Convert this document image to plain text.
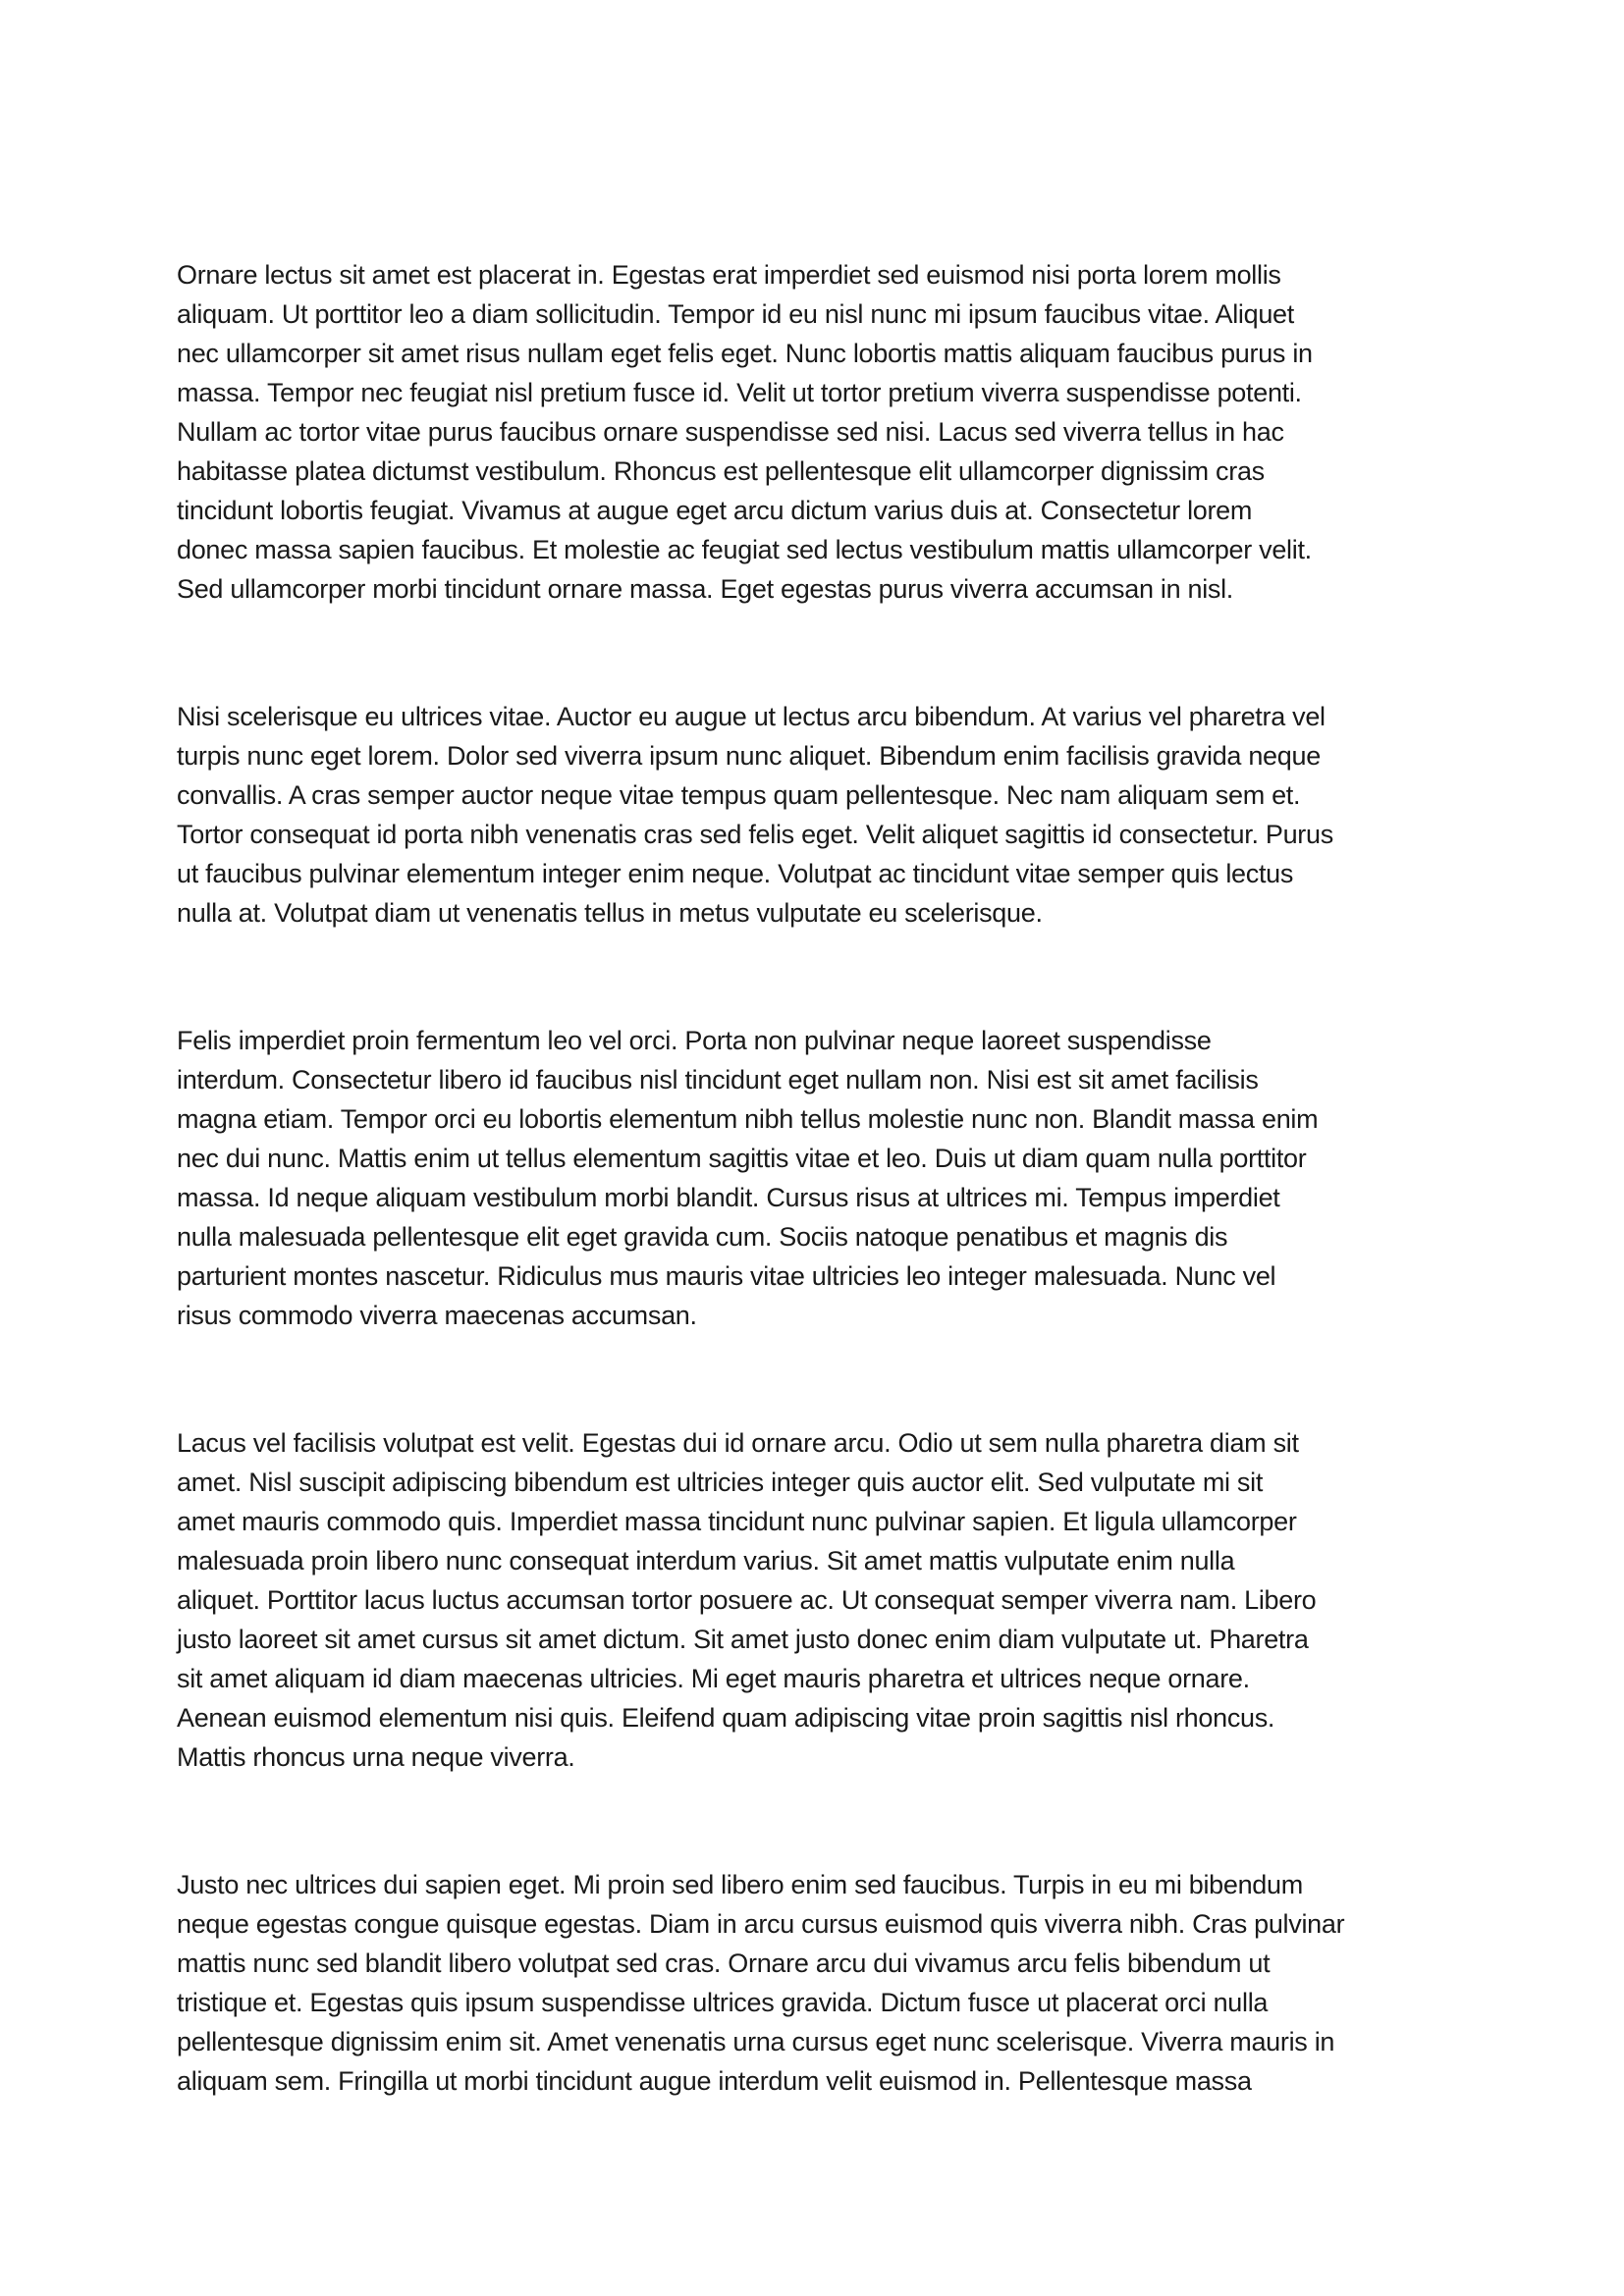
Ornare lectus sit amet est placerat in. Egestas erat imperdiet sed euismod nisi porta lorem mollis
aliquam. Ut porttitor leo a diam sollicitudin. Tempor id eu nisl nunc mi ipsum faucibus vitae. Aliquet
nec ullamcorper sit amet risus nullam eget felis eget. Nunc lobortis mattis aliquam faucibus purus in
massa. Tempor nec feugiat nisl pretium fusce id. Velit ut tortor pretium viverra suspendisse potenti.
Nullam ac tortor vitae purus faucibus ornare suspendisse sed nisi. Lacus sed viverra tellus in hac
habitasse platea dictumst vestibulum. Rhoncus est pellentesque elit ullamcorper dignissim cras
tincidunt lobortis feugiat. Vivamus at augue eget arcu dictum varius duis at. Consectetur lorem
donec massa sapien faucibus. Et molestie ac feugiat sed lectus vestibulum mattis ullamcorper velit.
Sed ullamcorper morbi tincidunt ornare massa. Eget egestas purus viverra accumsan in nisl.

Nisi scelerisque eu ultrices vitae. Auctor eu augue ut lectus arcu bibendum. At varius vel pharetra vel
turpis nunc eget lorem. Dolor sed viverra ipsum nunc aliquet. Bibendum enim facilisis gravida neque
convallis. A cras semper auctor neque vitae tempus quam pellentesque. Nec nam aliquam sem et.
Tortor consequat id porta nibh venenatis cras sed felis eget. Velit aliquet sagittis id consectetur. Purus
ut faucibus pulvinar elementum integer enim neque. Volutpat ac tincidunt vitae semper quis lectus
nulla at. Volutpat diam ut venenatis tellus in metus vulputate eu scelerisque.

Felis imperdiet proin fermentum leo vel orci. Porta non pulvinar neque laoreet suspendisse
interdum. Consectetur libero id faucibus nisl tincidunt eget nullam non. Nisi est sit amet facilisis
magna etiam. Tempor orci eu lobortis elementum nibh tellus molestie nunc non. Blandit massa enim
nec dui nunc. Mattis enim ut tellus elementum sagittis vitae et leo. Duis ut diam quam nulla porttitor
massa. Id neque aliquam vestibulum morbi blandit. Cursus risus at ultrices mi. Tempus imperdiet
nulla malesuada pellentesque elit eget gravida cum. Sociis natoque penatibus et magnis dis
parturient montes nascetur. Ridiculus mus mauris vitae ultricies leo integer malesuada. Nunc vel
risus commodo viverra maecenas accumsan.

Lacus vel facilisis volutpat est velit. Egestas dui id ornare arcu. Odio ut sem nulla pharetra diam sit
amet. Nisl suscipit adipiscing bibendum est ultricies integer quis auctor elit. Sed vulputate mi sit
amet mauris commodo quis. Imperdiet massa tincidunt nunc pulvinar sapien. Et ligula ullamcorper
malesuada proin libero nunc consequat interdum varius. Sit amet mattis vulputate enim nulla
aliquet. Porttitor lacus luctus accumsan tortor posuere ac. Ut consequat semper viverra nam. Libero
justo laoreet sit amet cursus sit amet dictum. Sit amet justo donec enim diam vulputate ut. Pharetra
sit amet aliquam id diam maecenas ultricies. Mi eget mauris pharetra et ultrices neque ornare.
Aenean euismod elementum nisi quis. Eleifend quam adipiscing vitae proin sagittis nisl rhoncus.
Mattis rhoncus urna neque viverra.

Justo nec ultrices dui sapien eget. Mi proin sed libero enim sed faucibus. Turpis in eu mi bibendum
neque egestas congue quisque egestas. Diam in arcu cursus euismod quis viverra nibh. Cras pulvinar
mattis nunc sed blandit libero volutpat sed cras. Ornare arcu dui vivamus arcu felis bibendum ut
tristique et. Egestas quis ipsum suspendisse ultrices gravida. Dictum fusce ut placerat orci nulla
pellentesque dignissim enim sit. Amet venenatis urna cursus eget nunc scelerisque. Viverra mauris in
aliquam sem. Fringilla ut morbi tincidunt augue interdum velit euismod in. Pellentesque massa
